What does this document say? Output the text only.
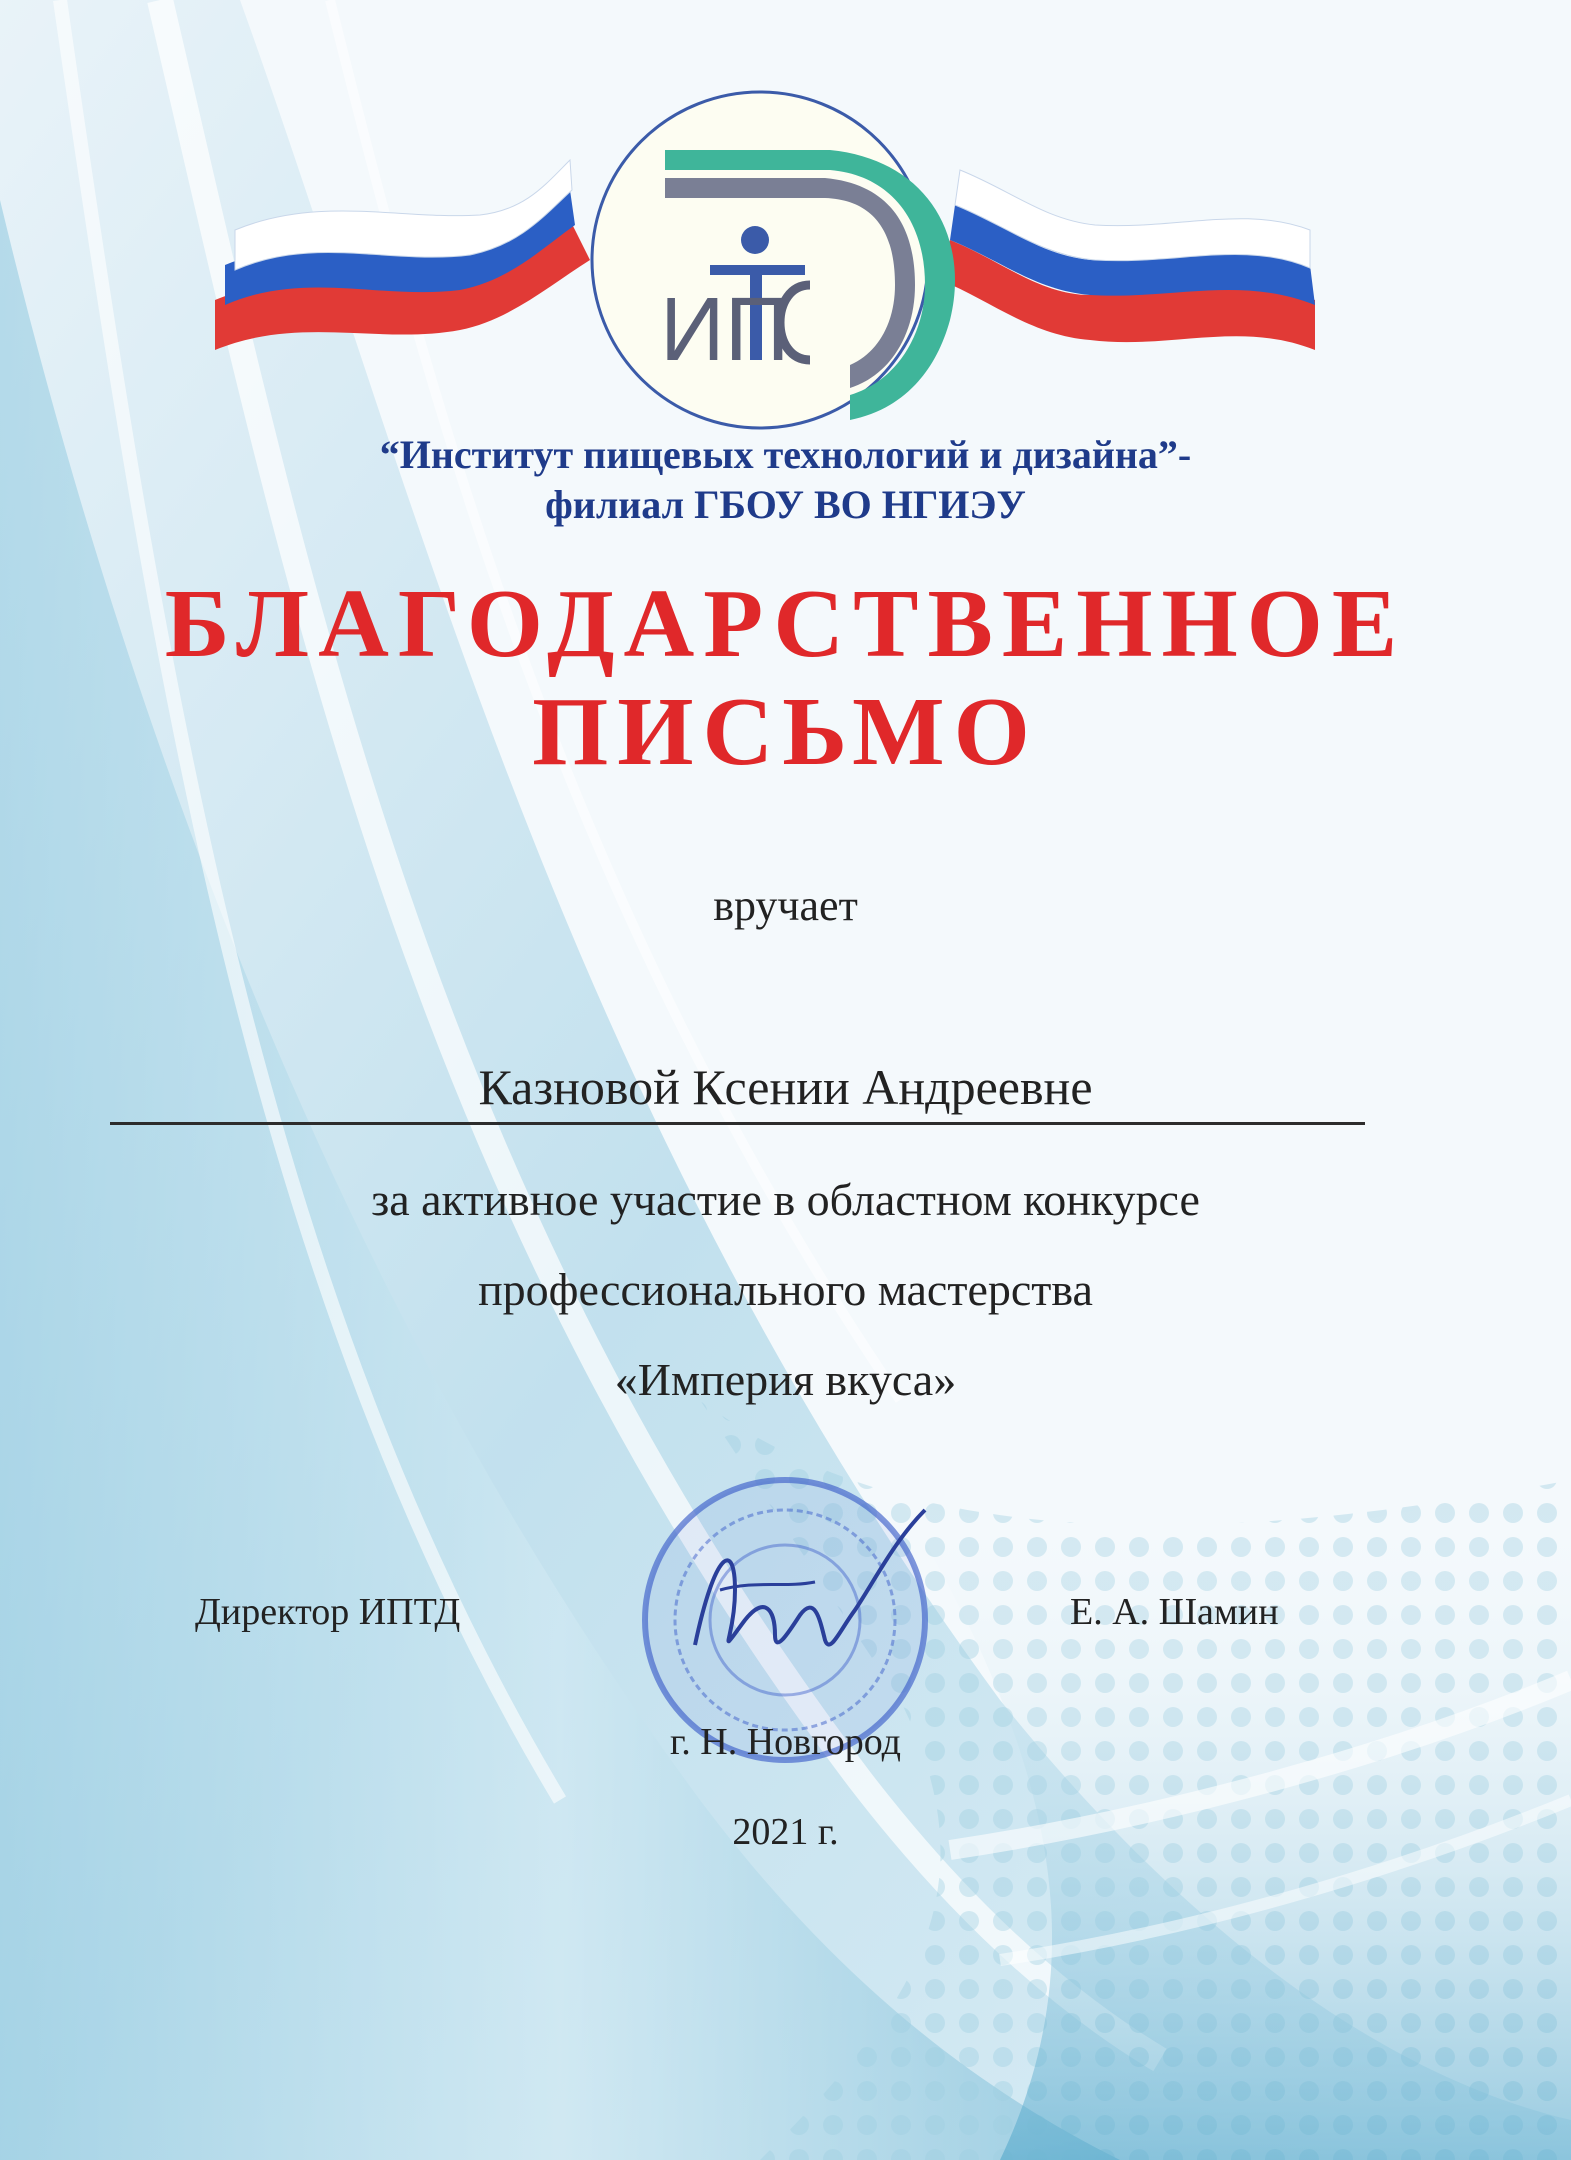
ИП
“Институт пищевых технологий и дизайна”-
филиал ГБОУ ВО НГИЭУ
БЛАГОДАРСТВЕННОЕ
ПИСЬМО
вручает
Казновой Ксении Андреевне
за активное участие в областном конкурсе
профессионального мастерства
«Империя вкуса»
Директор ИПТД	Е. А. Шамин
г. Н. Новгород
2021 г.
